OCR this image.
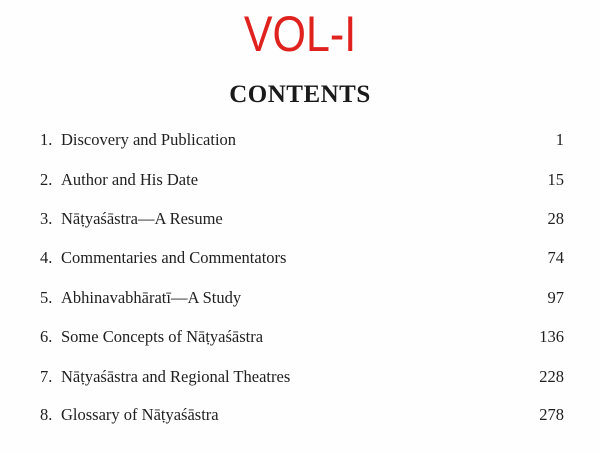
VOL-I
CONTENTS
1. Discovery and Publication	1
2. Author and His Date	15
3. Nāṭyaśāstra—A Resume	28
4. Commentaries and Commentators	74
5. Abhinavabhāratī—A Study	97
6. Some Concepts of Nāṭyaśāstra	136
7. Nāṭyaśāstra and Regional Theatres	228
8. Glossary of Nāṭyaśāstra	278
